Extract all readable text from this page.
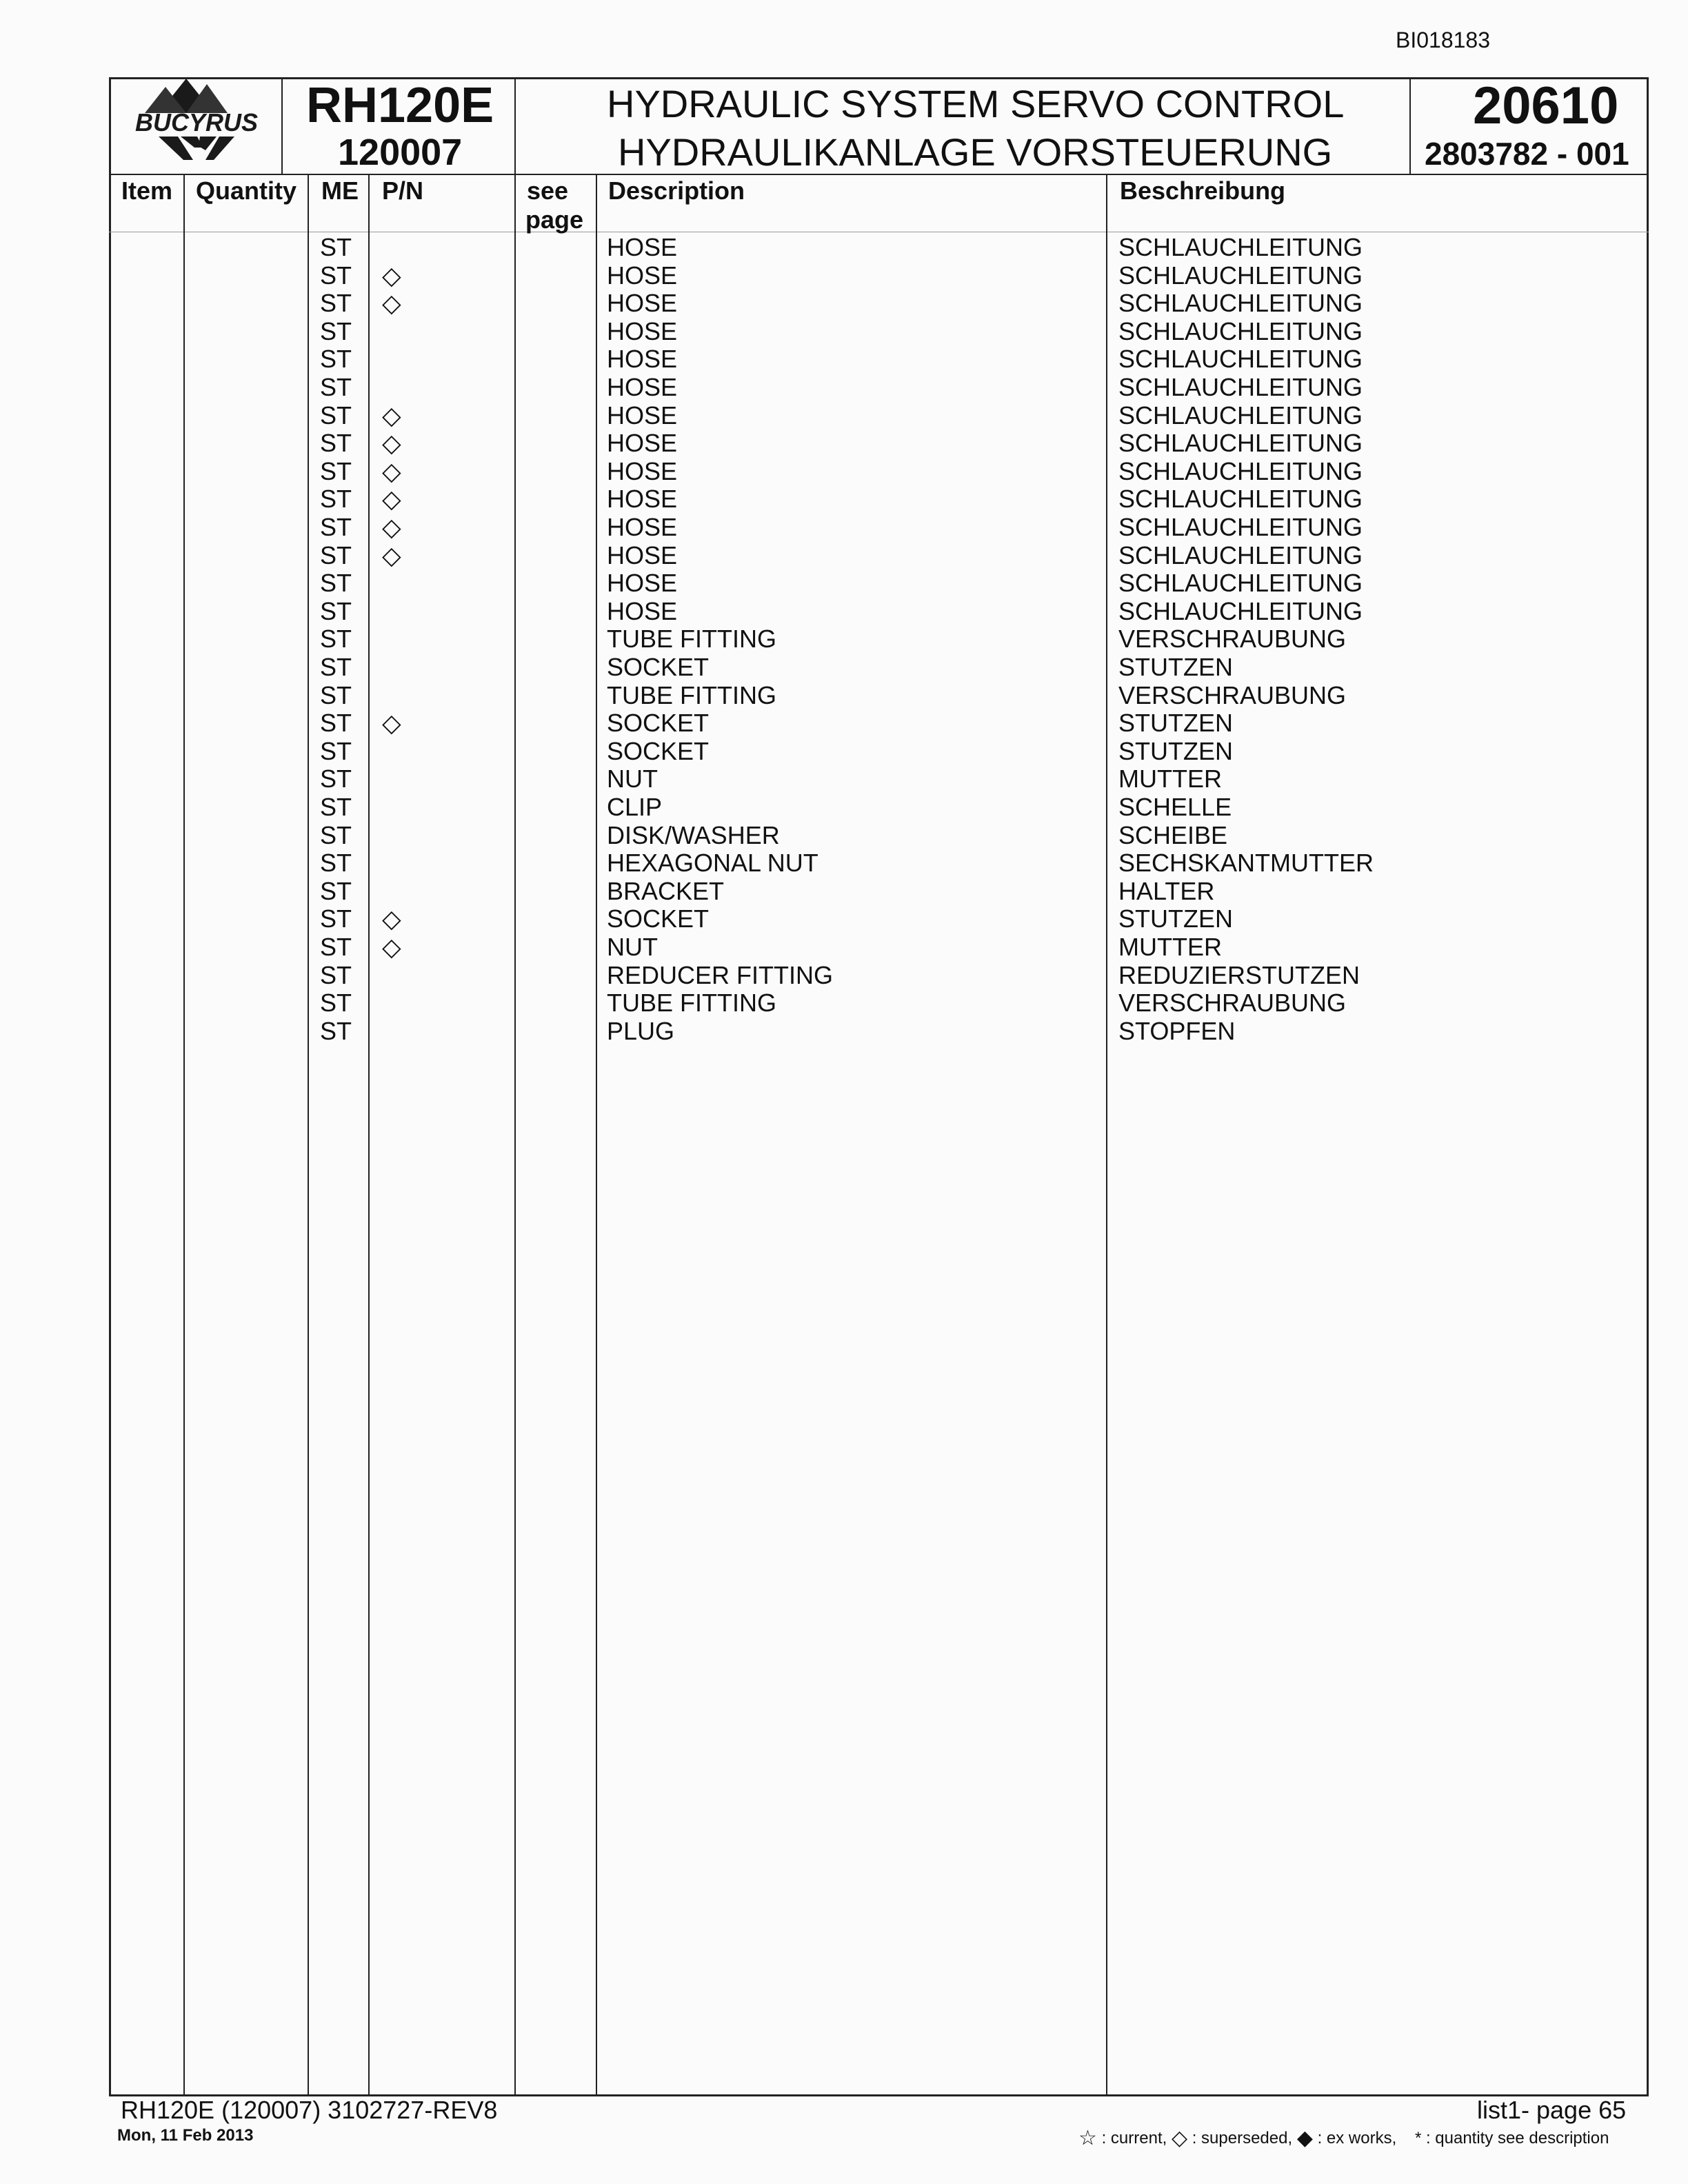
BI018183
BUCYRUS RH120E
120007
HYDRAULIC SYSTEM SERVO CONTROL
HYDRAULIKANLAGE VORSTEUERUNG
20610
2803782 - 001
Item Quantity ME P/N	see
page
Description	Beschreibung
ST	HOSE	SCHLAUCHLEITUNG
ST ◇	HOSE	SCHLAUCHLEITUNG
ST ◇	HOSE	SCHLAUCHLEITUNG
ST	HOSE	SCHLAUCHLEITUNG
ST	HOSE	SCHLAUCHLEITUNG
ST	HOSE	SCHLAUCHLEITUNG
ST ◇	HOSE	SCHLAUCHLEITUNG
ST ◇	HOSE	SCHLAUCHLEITUNG
ST ◇	HOSE	SCHLAUCHLEITUNG
ST ◇	HOSE	SCHLAUCHLEITUNG
ST ◇	HOSE	SCHLAUCHLEITUNG
ST ◇	HOSE	SCHLAUCHLEITUNG
ST	HOSE	SCHLAUCHLEITUNG
ST	HOSE	SCHLAUCHLEITUNG
ST	TUBE FITTING	VERSCHRAUBUNG
ST	SOCKET	STUTZEN
ST	TUBE FITTING	VERSCHRAUBUNG
ST ◇	SOCKET	STUTZEN
ST	SOCKET	STUTZEN
ST	NUT	MUTTER
ST	CLIP	SCHELLE
ST	DISK/WASHER	SCHEIBE
ST	HEXAGONAL NUT	SECHSKANTMUTTER
ST	BRACKET	HALTER
ST ◇	SOCKET	STUTZEN
ST ◇	NUT	MUTTER
ST	REDUCER FITTING	REDUZIERSTUTZEN
ST	TUBE FITTING	VERSCHRAUBUNG
ST	PLUG	STOPFEN
RH120E (120007) 3102727-REV8
Mon, 11 Feb 2013
list1- page 65
☆ : current, ◇ : superseded, ◆ : ex works, * : quantity see description
